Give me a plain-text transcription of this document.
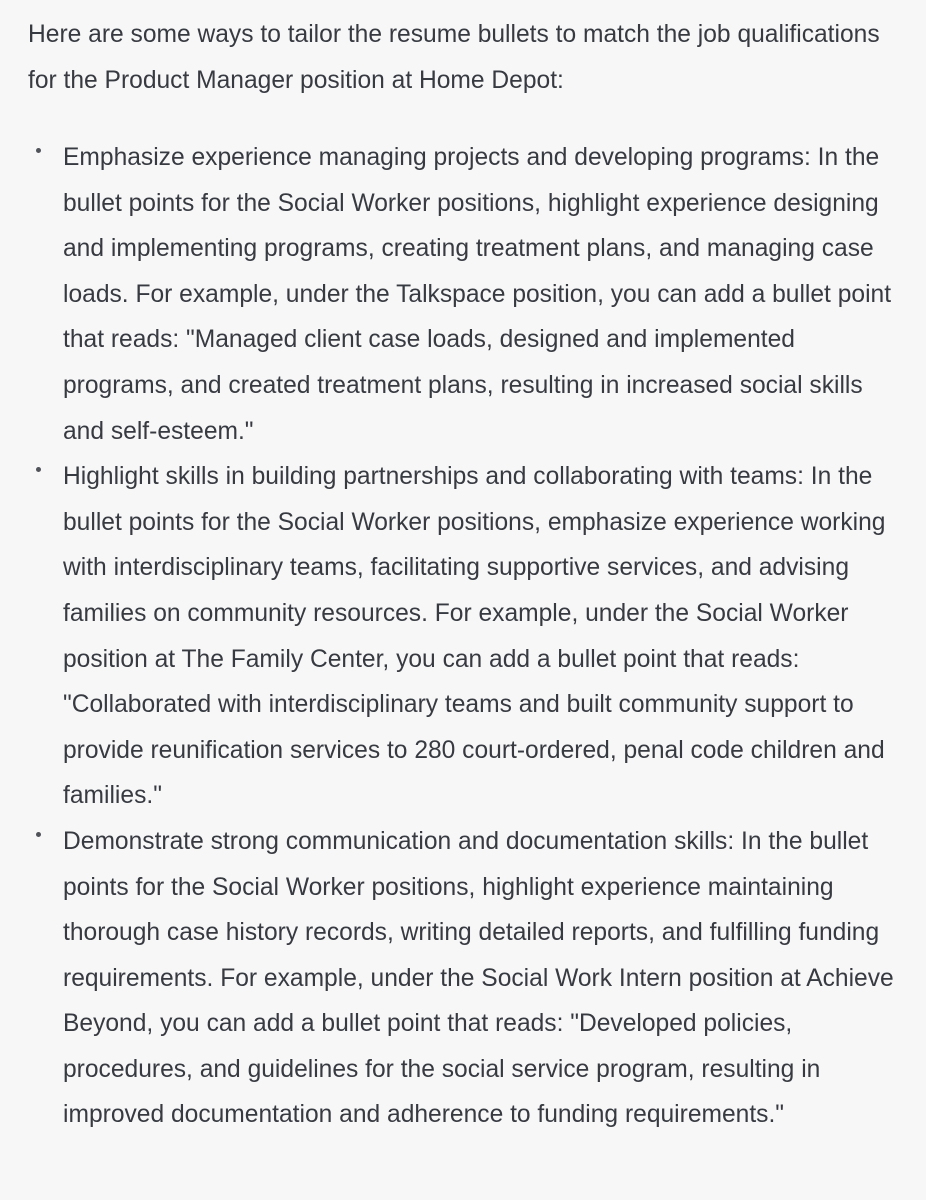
Here are some ways to tailor the resume bullets to match the job qualifications for the Product Manager position at Home Depot:

Emphasize experience managing projects and developing programs: In the bullet points for the Social Worker positions, highlight experience designing and implementing programs, creating treatment plans, and managing case loads. For example, under the Talkspace position, you can add a bullet point that reads: "Managed client case loads, designed and implemented programs, and created treatment plans, resulting in increased social skills and self-esteem."
Highlight skills in building partnerships and collaborating with teams: In the bullet points for the Social Worker positions, emphasize experience working with interdisciplinary teams, facilitating supportive services, and advising families on community resources. For example, under the Social Worker position at The Family Center, you can add a bullet point that reads: "Collaborated with interdisciplinary teams and built community support to provide reunification services to 280 court-ordered, penal code children and families."
Demonstrate strong communication and documentation skills: In the bullet points for the Social Worker positions, highlight experience maintaining thorough case history records, writing detailed reports, and fulfilling funding requirements. For example, under the Social Work Intern position at Achieve Beyond, you can add a bullet point that reads: "Developed policies, procedures, and guidelines for the social service program, resulting in improved documentation and adherence to funding requirements."
